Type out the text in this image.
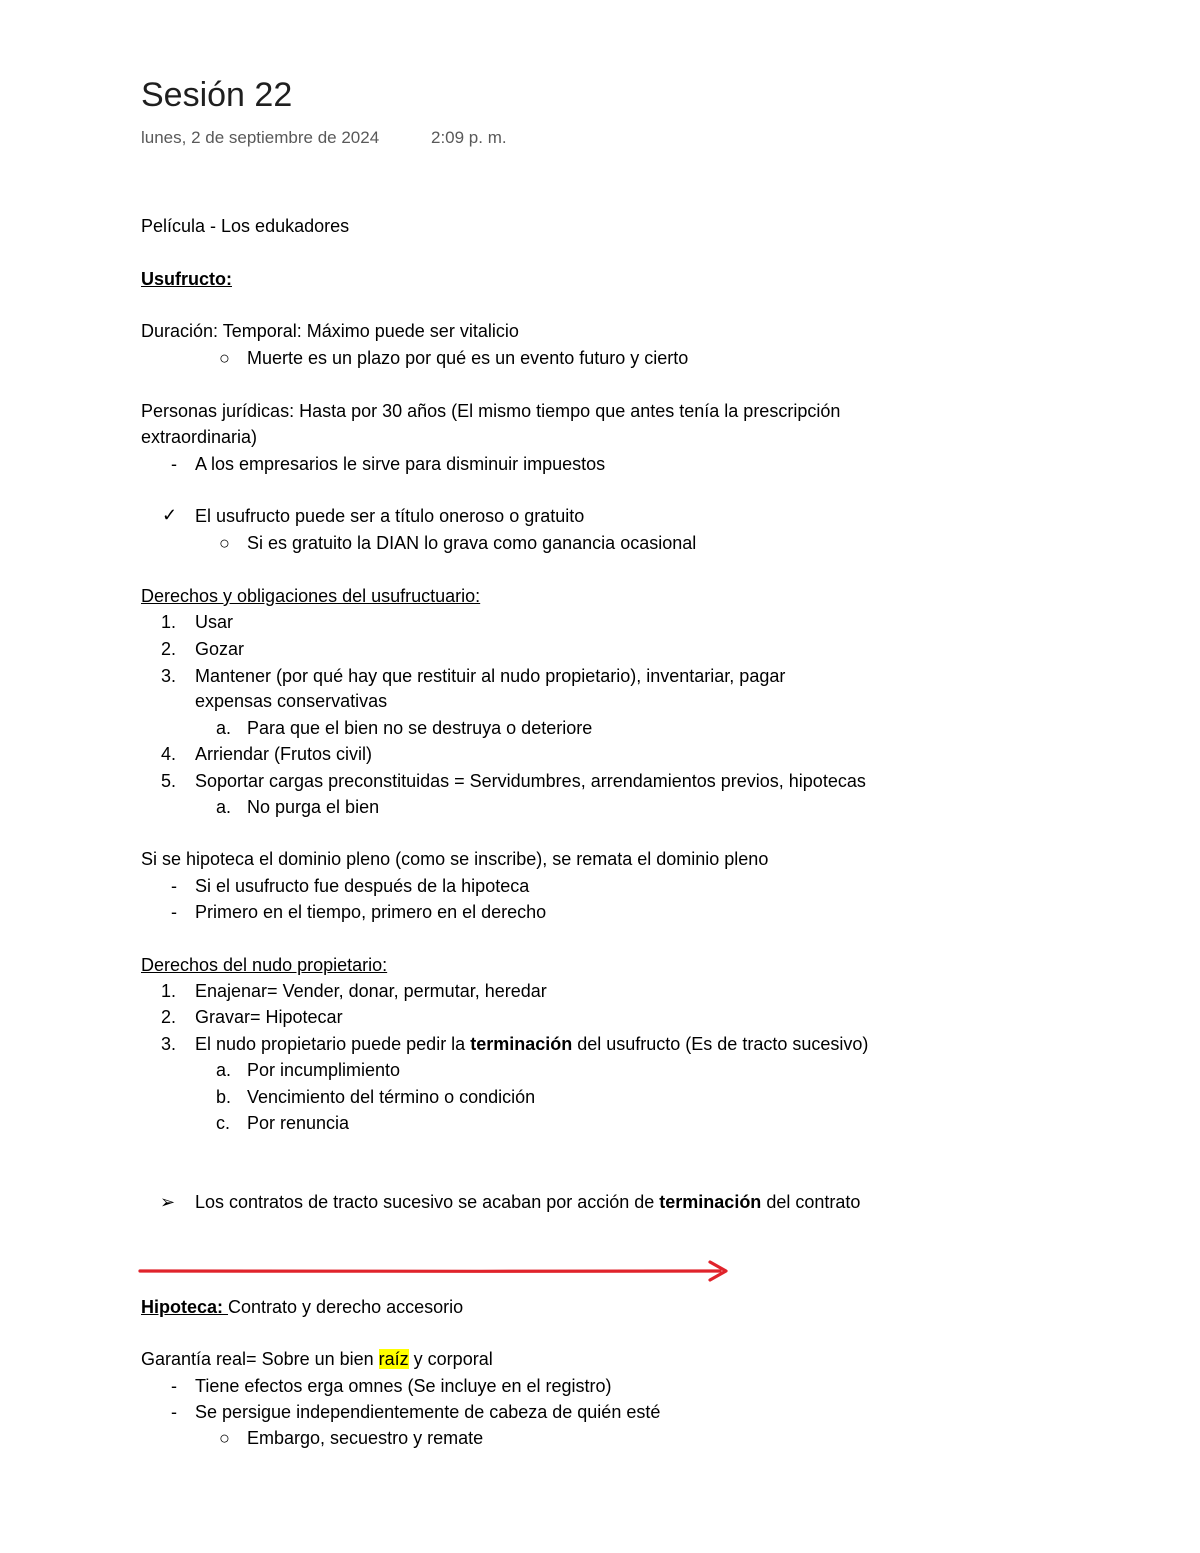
Sesión 22
lunes, 2 de septiembre de 2024	2:09 p. m.
Película - Los edukadores
Usufructo:
Duración: Temporal: Máximo puede ser vitalicio
○ Muerte es un plazo por qué es un evento futuro y cierto
Personas jurídicas: Hasta por 30 años (El mismo tiempo que antes tenía la prescripción
extraordinaria)
- A los empresarios le sirve para disminuir impuestos
✓ El usufructo puede ser a título oneroso o gratuito
○ Si es gratuito la DIAN lo grava como ganancia ocasional
Derechos y obligaciones del usufructuario:
1. Usar
2. Gozar
3. Mantener (por qué hay que restituir al nudo propietario), inventariar, pagar
expensas conservativas
a. Para que el bien no se destruya o deteriore
4. Arriendar (Frutos civil)
5. Soportar cargas preconstituidas = Servidumbres, arrendamientos previos, hipotecas
a. No purga el bien
Si se hipoteca el dominio pleno (como se inscribe), se remata el dominio pleno
- Si el usufructo fue después de la hipoteca
- Primero en el tiempo, primero en el derecho
Derechos del nudo propietario:
1. Enajenar= Vender, donar, permutar, heredar
2. Gravar= Hipotecar
3. El nudo propietario puede pedir la terminación del usufructo (Es de tracto sucesivo)
a. Por incumplimiento
b. Vencimiento del término o condición
c. Por renuncia
➢ Los contratos de tracto sucesivo se acaban por acción de terminación del contrato
Hipoteca: Contrato y derecho accesorio
Garantía real= Sobre un bien raíz y corporal
- Tiene efectos erga omnes (Se incluye en el registro)
- Se persigue independientemente de cabeza de quién esté
○ Embargo, secuestro y remate
